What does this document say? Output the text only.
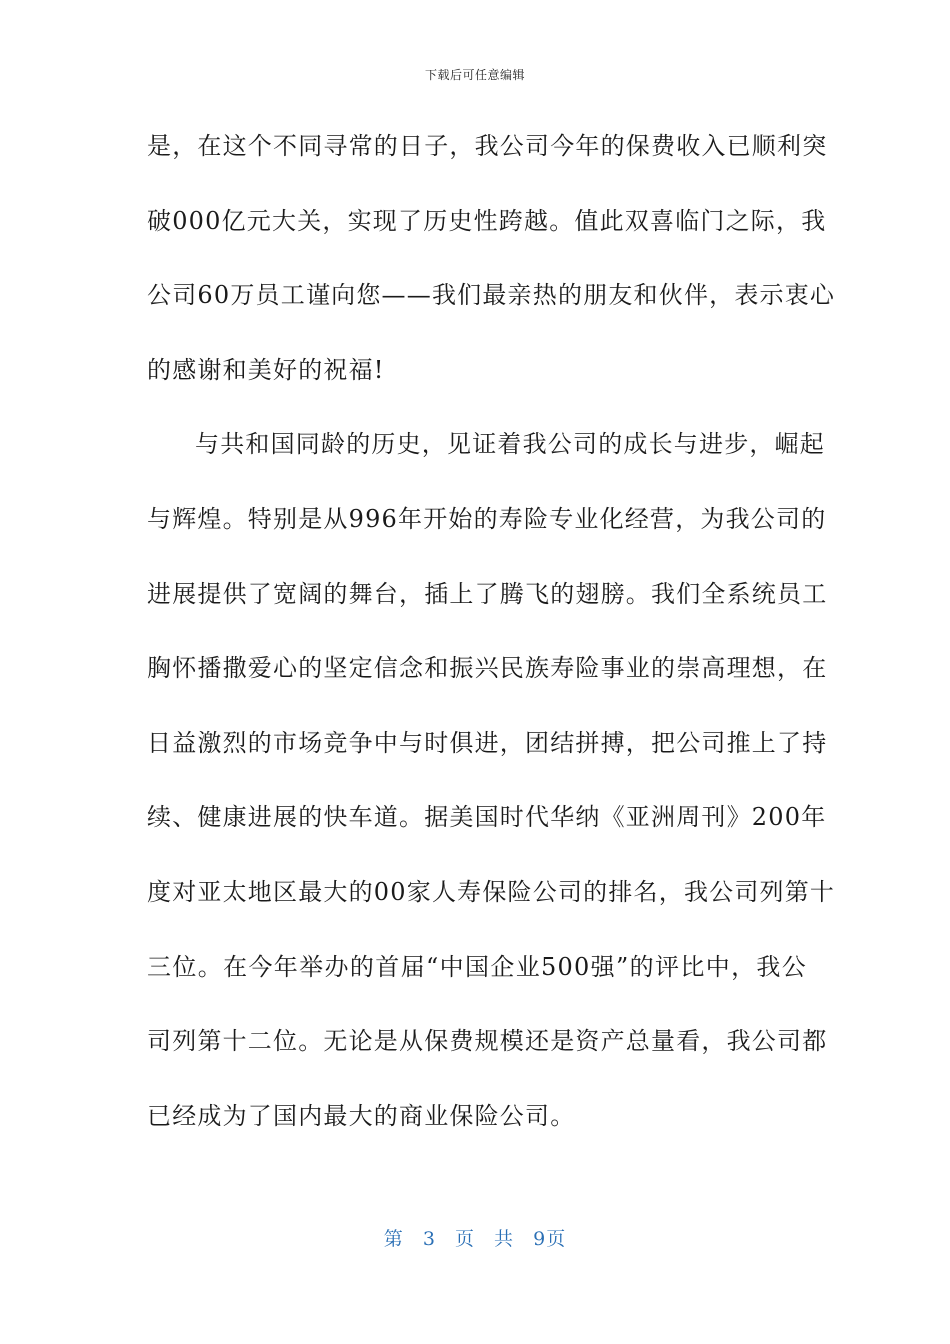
下载后可任意编辑
是，在这个不同寻常的日子，我公司今年的保费收入已顺利突
破000亿元大关，实现了历史性跨越。值此双喜临门之际，我
公司60万员工谨向您——我们最亲热的朋友和伙伴，表示衷心
的感谢和美好的祝福!
与共和国同龄的历史，见证着我公司的成长与进步，崛起
与辉煌。特别是从996年开始的寿险专业化经营，为我公司的
进展提供了宽阔的舞台，插上了腾飞的翅膀。我们全系统员工
胸怀播撒爱心的坚定信念和振兴民族寿险事业的崇高理想，在
日益激烈的市场竞争中与时俱进，团结拼搏，把公司推上了持
续、健康进展的快车道。据美国时代华纳《亚洲周刊》200年
度对亚太地区最大的00家人寿保险公司的排名，我公司列第十
三位。在今年举办的首届“中国企业500强”的评比中，我公
司列第十二位。无论是从保费规模还是资产总量看，我公司都
已经成为了国内最大的商业保险公司。
第 3 页 共 9页
